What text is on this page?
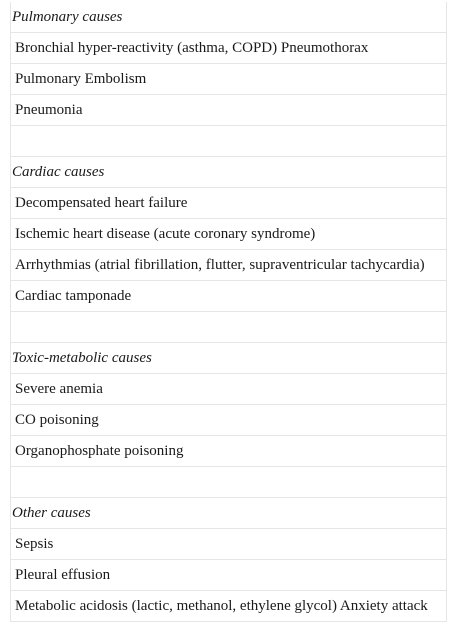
Pulmonary causes
Bronchial hyper-reactivity (asthma, COPD) Pneumothorax
Pulmonary Embolism
Pneumonia
Cardiac causes
Decompensated heart failure
Ischemic heart disease (acute coronary syndrome)
Arrhythmias (atrial fibrillation, flutter, supraventricular tachycardia)
Cardiac tamponade
Toxic-metabolic causes
Severe anemia
CO poisoning
Organophosphate poisoning
Other causes
Sepsis
Pleural effusion
Metabolic acidosis (lactic, methanol, ethylene glycol) Anxiety attack
